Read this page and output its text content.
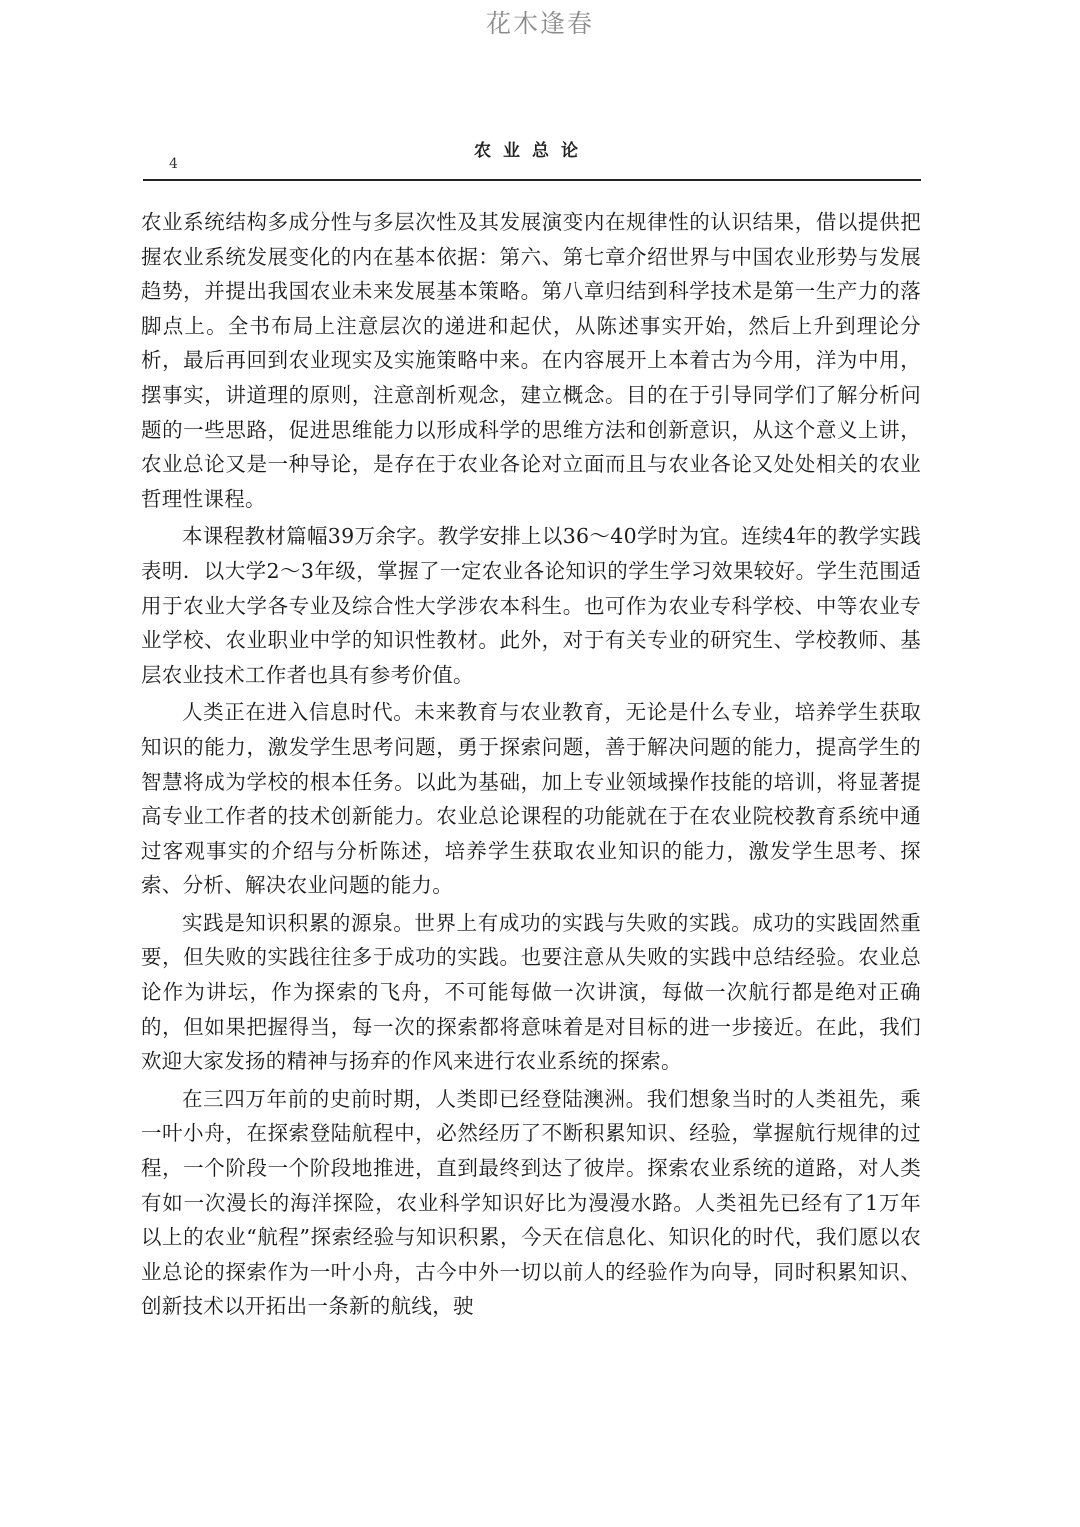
花木逢春
4
农业总论

农业系统结构多成分性与多层次性及其发展演变内在规律性的认识结果，借以提供把握农业系统发展变化的内在基本依据：第六、第七章介绍世界与中国农业形势与发展趋势，并提出我国农业未来发展基本策略。第八章归结到科学技术是第一生产力的落脚点上。全书布局上注意层次的递进和起伏，从陈述事实开始，然后上升到理论分析，最后再回到农业现实及实施策略中来。在内容展开上本着古为今用，洋为中用，摆事实，讲道理的原则，注意剖析观念，建立概念。目的在于引导同学们了解分析问题的一些思路，促进思维能力以形成科学的思维方法和创新意识，从这个意义上讲，农业总论又是一种导论，是存在于农业各论对立面而且与农业各论又处处相关的农业哲理性课程。

本课程教材篇幅39万余字。教学安排上以36～40学时为宜。连续4年的教学实践表明．以大学2～3年级，掌握了一定农业各论知识的学生学习效果较好。学生范围适用于农业大学各专业及综合性大学涉农本科生。也可作为农业专科学校、中等农业专业学校、农业职业中学的知识性教材。此外，对于有关专业的研究生、学校教师、基层农业技术工作者也具有参考价值。

人类正在进入信息时代。未来教育与农业教育，无论是什么专业，培养学生获取知识的能力，激发学生思考问题，勇于探索问题，善于解决问题的能力，提高学生的智慧将成为学校的根本任务。以此为基础，加上专业领域操作技能的培训，将显著提高专业工作者的技术创新能力。农业总论课程的功能就在于在农业院校教育系统中通过客观事实的介绍与分析陈述，培养学生获取农业知识的能力，激发学生思考、探索、分析、解决农业问题的能力。

实践是知识积累的源泉。世界上有成功的实践与失败的实践。成功的实践固然重要，但失败的实践往往多于成功的实践。也要注意从失败的实践中总结经验。农业总论作为讲坛，作为探索的飞舟，不可能每做一次讲演，每做一次航行都是绝对正确的，但如果把握得当，每一次的探索都将意味着是对目标的进一步接近。在此，我们欢迎大家发扬的精神与扬弃的作风来进行农业系统的探索。

在三四万年前的史前时期，人类即已经登陆澳洲。我们想象当时的人类祖先，乘一叶小舟，在探索登陆航程中，必然经历了不断积累知识、经验，掌握航行规律的过程，一个阶段一个阶段地推进，直到最终到达了彼岸。探索农业系统的道路，对人类有如一次漫长的海洋探险，农业科学知识好比为漫漫水路。人类祖先已经有了1万年以上的农业“航程”探索经验与知识积累，今天在信息化、知识化的时代，我们愿以农业总论的探索作为一叶小舟，古今中外一切以前人的经验作为向导，同时积累知识、创新技术以开拓出一条新的航线，驶
